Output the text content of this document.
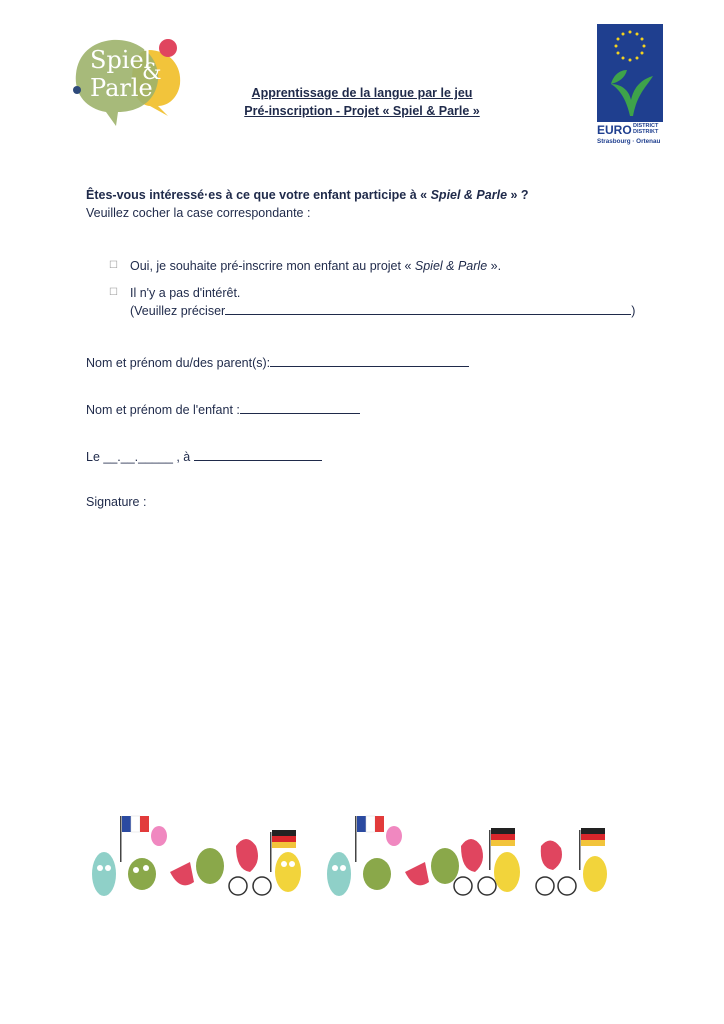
Spiel
&
Parle
EURO DISTRICT
DISTRIKT
Strasbourg · Ortenau
Apprentissage de la langue par le jeu
Pré-inscription - Projet « Spiel & Parle »
Êtes-vous intéressé·es à ce que votre enfant participe à « Spiel & Parle » ?
Veuillez cocher la case correspondante :
☐ Oui, je souhaite pré-inscrire mon enfant au projet « Spiel & Parle ».
☐ Il n'y a pas d'intérêt.
(Veuillez préciser	)
Nom et prénom du/des parent(s):
Nom et prénom de l'enfant :
Le __.__._____ , à
Signature :
